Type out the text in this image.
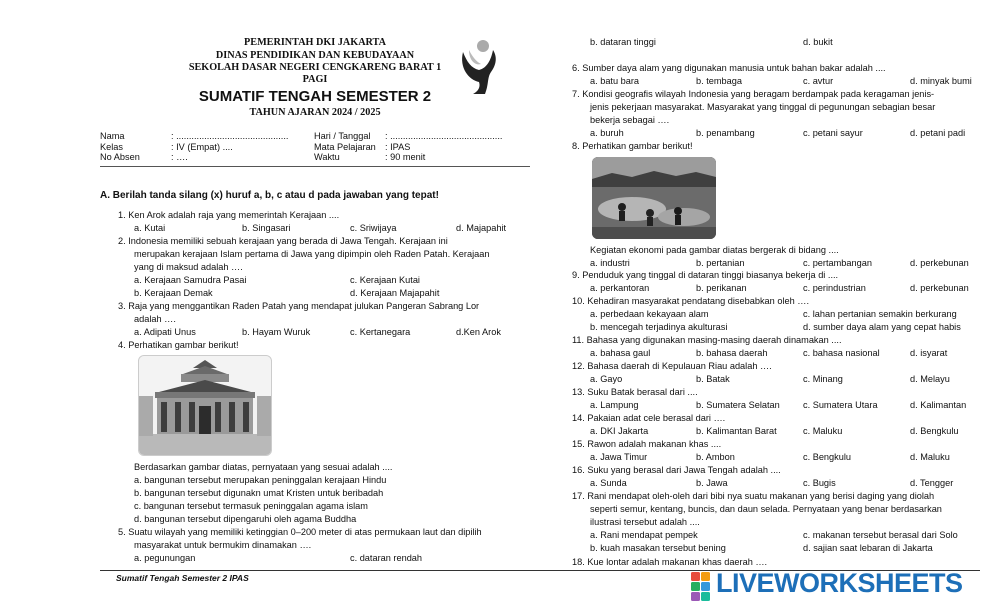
PEMERINTAH DKI JAKARTA
DINAS PENDIDIKAN DAN KEBUDAYAAN
SEKOLAH DASAR NEGERI CENGKARENG BARAT 1
PAGI
SUMATIF TENGAH SEMESTER 2
TAHUN AJARAN 2024 / 2025
Nama	: ............................................	Hari / Tanggal	: ............................................
Kelas	: IV (Empat) ....	Mata Pelajaran	: IPAS
No Absen	: ….	Waktu	: 90 menit
A. Berilah tanda silang (x) huruf a, b, c atau d pada jawaban yang tepat!
1. Ken Arok adalah raja yang memerintah Kerajaan ....
a. Kutai	b. Singasari	c. Sriwijaya	d. Majapahit
2. Indonesia memiliki sebuah kerajaan yang berada di Jawa Tengah. Kerajaan ini
merupakan kerajaan Islam pertama di Jawa yang dipimpin oleh Raden Patah. Kerajaan
yang di maksud adalah ….
a. Kerajaan Samudra Pasai	c. Kerajaan Kutai
b. Kerajaan Demak	d. Kerajaan Majapahit
3. Raja yang menggantikan Raden Patah yang mendapat julukan Pangeran Sabrang Lor
adalah ….
a. Adipati Unus	b. Hayam Wuruk	c. Kertanegara	d.Ken Arok
4. Perhatikan gambar berikut!
Berdasarkan gambar diatas, pernyataan yang sesuai adalah ....
a. bangunan tersebut merupakan peninggalan kerajaan Hindu
b. bangunan tersebut digunakn umat Kristen untuk beribadah
c. bangunan tersebut termasuk peninggalan agama islam
d. bangunan tersebut dipengaruhi oleh agama Buddha
5. Suatu wilayah yang memiliki ketinggian 0–200 meter di atas permukaan laut dan dipilih
masyarakat untuk bermukim dinamakan ….
a. pegunungan	c. dataran rendah
b. dataran tinggi	d. bukit
6. Sumber daya alam yang digunakan manusia untuk bahan bakar adalah ....
a. batu bara	b. tembaga	c. avtur	d. minyak bumi
7. Kondisi geografis wilayah Indonesia yang beragam berdampak pada keragaman jenis-
jenis pekerjaan masyarakat. Masyarakat yang tinggal di pegunungan sebagian besar
bekerja sebagai ….
a. buruh	b. penambang	c. petani sayur	d. petani padi
8. Perhatikan gambar berikut!
Kegiatan ekonomi pada gambar diatas bergerak di bidang ....
a. industri	b. pertanian	c. pertambangan	d. perkebunan
9. Penduduk yang tinggal di dataran tinggi biasanya bekerja di ....
a. perkantoran	b. perikanan	c. perindustrian	d. perkebunan
10. Kehadiran masyarakat pendatang disebabkan oleh ….
a. perbedaan kekayaan alam	c. lahan pertanian semakin berkurang
b. mencegah terjadinya akulturasi	d. sumber daya alam yang cepat habis
11. Bahasa yang digunakan masing-masing daerah dinamakan ....
a. bahasa gaul	b. bahasa daerah	c. bahasa nasional	d. isyarat
12. Bahasa daerah di Kepulauan Riau adalah ….
a. Gayo	b. Batak	c. Minang	d. Melayu
13. Suku Batak berasal dari ....
a. Lampung	b. Sumatera Selatan	c. Sumatera Utara	d. Kalimantan
14. Pakaian adat cele berasal dari ….
a. DKI Jakarta	b. Kalimantan Barat	c. Maluku	d. Bengkulu
15. Rawon adalah makanan khas ....
a. Jawa Timur	b. Ambon	c. Bengkulu	d. Maluku
16. Suku yang berasal dari Jawa Tengah adalah ....
a. Sunda	b. Jawa	c. Bugis	d. Tengger
17. Rani mendapat oleh-oleh dari bibi nya suatu makanan yang berisi daging yang diolah
seperti semur, kentang, buncis, dan daun selada. Pernyataan yang benar berdasarkan
ilustrasi tersebut adalah ....
a. Rani mendapat pempek	c. makanan tersebut berasal dari Solo
b. kuah masakan tersebut bening	d. sajian saat lebaran di Jakarta
18. Kue lontar adalah makanan khas daerah ….
Sumatif Tengah Semester 2 IPAS	LIVEWORKSHEETS
